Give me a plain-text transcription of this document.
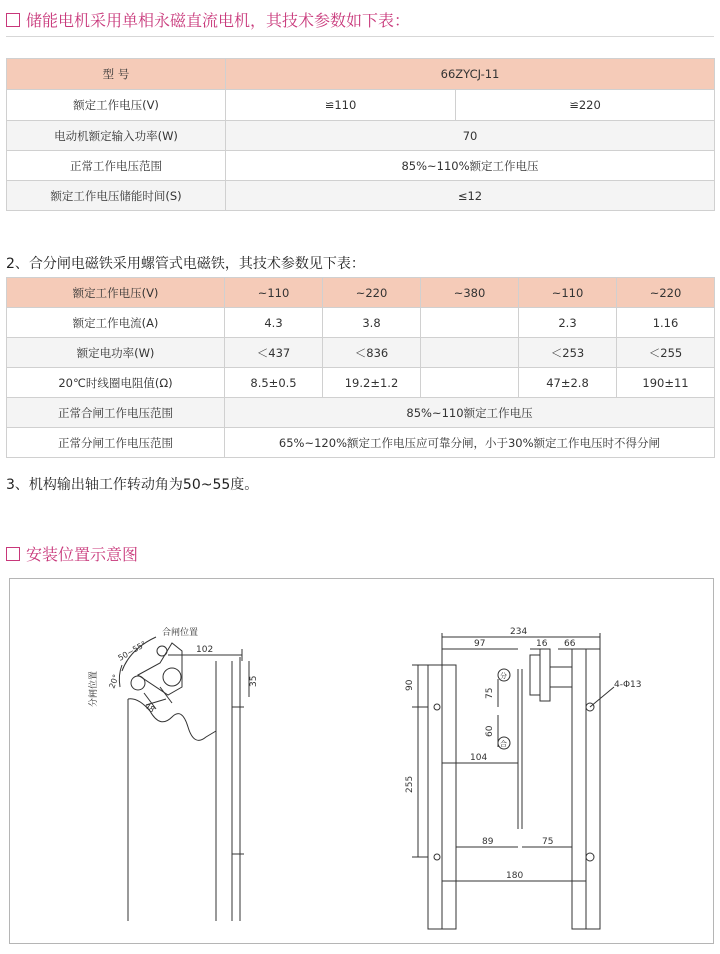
储能电机采用单相永磁直流电机，其技术参数如下表：
型 号	66ZYCJ-11	
额定工作电压(V)	≌110	≌220
电动机额定输入功率(W)	70	
正常工作电压范围	85%~110%额定工作电压	
额定工作电压储能时间(S)	≤12	
2、合分闸电磁铁采用螺管式电磁铁，其技术参数见下表：
额定工作电压(V)	~110	~220	~380	~110	~220
额定工作电流(A)	4.3	3.8		2.3	1.16
额定电功率(W)	＜437	＜836		＜253	＜255
20℃时线圈电阻值(Ω)	8.5±0.5	19.2±1.2		47±2.8	190±11
正常合闸工作电压范围	85%~110额定工作电压				
正常分闸工作电压范围	65%~120%额定工作电压应可靠分闸，小于30%额定工作电压时不得分闸				
3、机构输出轴工作转动角为50~55度。
安装位置示意图
合闸位置
分闸位置
102
50~55°
20°	35
48
234
97	16 66
90
75
60
104
255
89	75
180
4-Φ13
分
合
